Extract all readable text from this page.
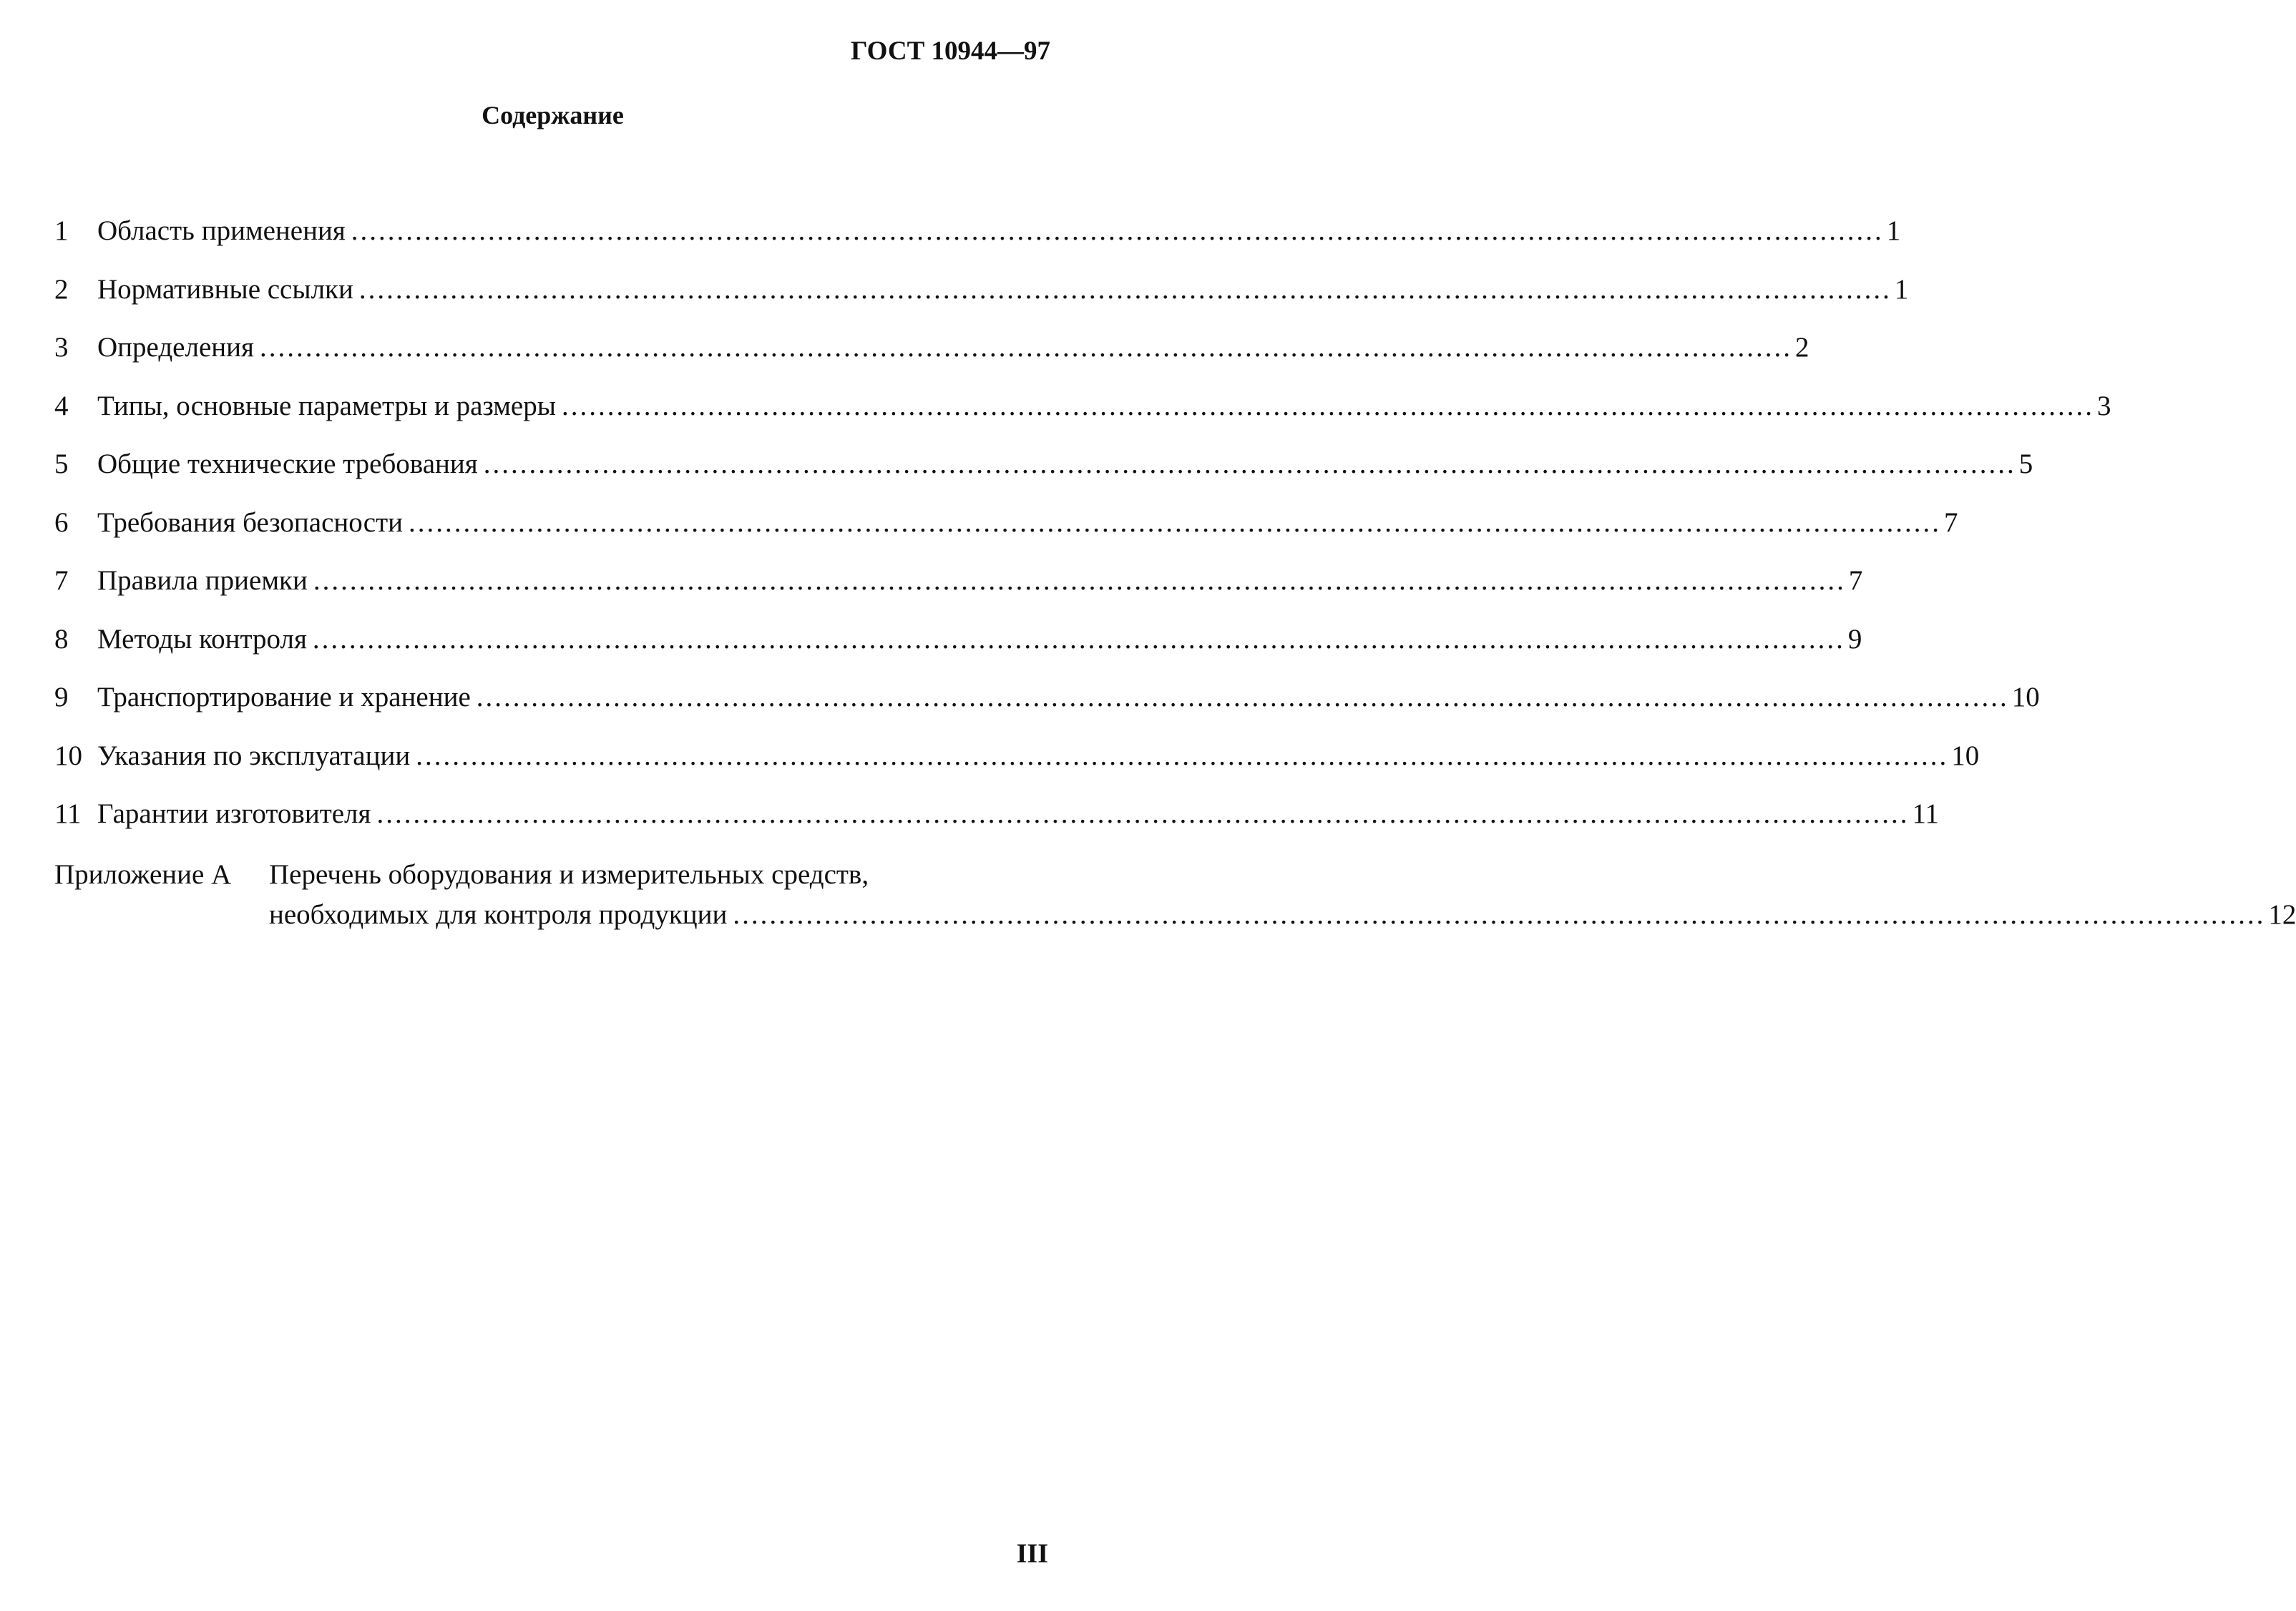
ГОСТ 10944—97
Содержание
1	Область применения ........................................................................................................................................................................ 1
2	Нормативные ссылки ........................................................................................................................................................................ 1
3	Определения ........................................................................................................................................................................ 2
4	Типы, основные параметры и размеры ........................................................................................................................................................................ 3
5	Общие технические требования ........................................................................................................................................................................ 5
6	Требования безопасности ........................................................................................................................................................................ 7
7	Правила приемки ........................................................................................................................................................................ 7
8	Методы контроля ........................................................................................................................................................................ 9
9	Транспортирование и хранение ........................................................................................................................................................................ 10
10 Указания по эксплуатации ........................................................................................................................................................................ 10
11 Гарантии изготовителя ........................................................................................................................................................................ 11
Приложение А Перечень оборудования и измерительных средств,
необходимых для контроля продукции ........................................................................................................................................................................ 12
III
